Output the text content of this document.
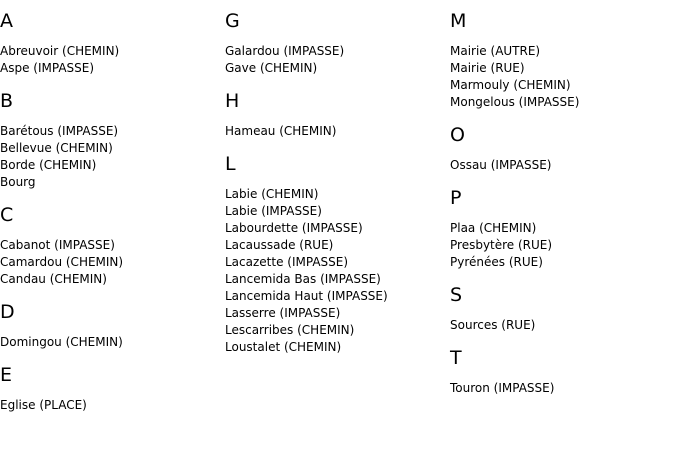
A
Abreuvoir (CHEMIN)
Aspe (IMPASSE)
B
Barétous (IMPASSE)
Bellevue (CHEMIN)
Borde (CHEMIN)
Bourg
C
Cabanot (IMPASSE)
Camardou (CHEMIN)
Candau (CHEMIN)
D
Domingou (CHEMIN)
E
Eglise (PLACE)
G
Galardou (IMPASSE)
Gave (CHEMIN)
H
Hameau (CHEMIN)
L
Labie (CHEMIN)
Labie (IMPASSE)
Labourdette (IMPASSE)
Lacaussade (RUE)
Lacazette (IMPASSE)
Lancemida Bas (IMPASSE)
Lancemida Haut (IMPASSE)
Lasserre (IMPASSE)
Lescarribes (CHEMIN)
Loustalet (CHEMIN)
M
Mairie (AUTRE)
Mairie (RUE)
Marmouly (CHEMIN)
Mongelous (IMPASSE)
O
Ossau (IMPASSE)
P
Plaa (CHEMIN)
Presbytère (RUE)
Pyrénées (RUE)
S
Sources (RUE)
T
Touron (IMPASSE)
